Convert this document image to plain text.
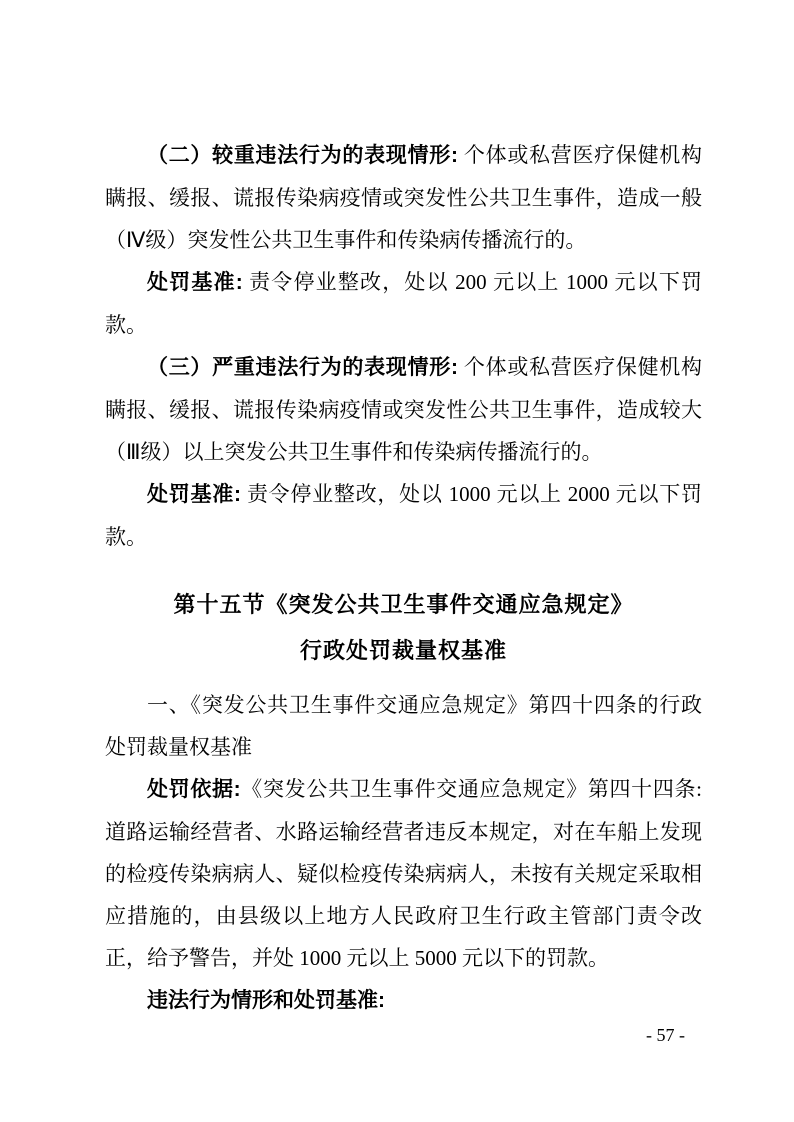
（二）较重违法行为的表现情形: 个体或私营医疗保健机构瞒报、缓报、谎报传染病疫情或突发性公共卫生事件，造成一般（Ⅳ级）突发性公共卫生事件和传染病传播流行的。

处罚基准: 责令停业整改，处以 200 元以上 1000 元以下罚款。

（三）严重违法行为的表现情形: 个体或私营医疗保健机构瞒报、缓报、谎报传染病疫情或突发性公共卫生事件，造成较大（Ⅲ级）以上突发公共卫生事件和传染病传播流行的。

处罚基准: 责令停业整改，处以 1000 元以上 2000 元以下罚款。

第十五节《突发公共卫生事件交通应急规定》
行政处罚裁量权基准

一、《突发公共卫生事件交通应急规定》第四十四条的行政处罚裁量权基准

处罚依据:《突发公共卫生事件交通应急规定》第四十四条: 道路运输经营者、水路运输经营者违反本规定，对在车船上发现的检疫传染病病人、疑似检疫传染病病人，未按有关规定采取相应措施的，由县级以上地方人民政府卫生行政主管部门责令改正，给予警告，并处 1000 元以上 5000 元以下的罚款。

违法行为情形和处罚基准:

- 57 -
